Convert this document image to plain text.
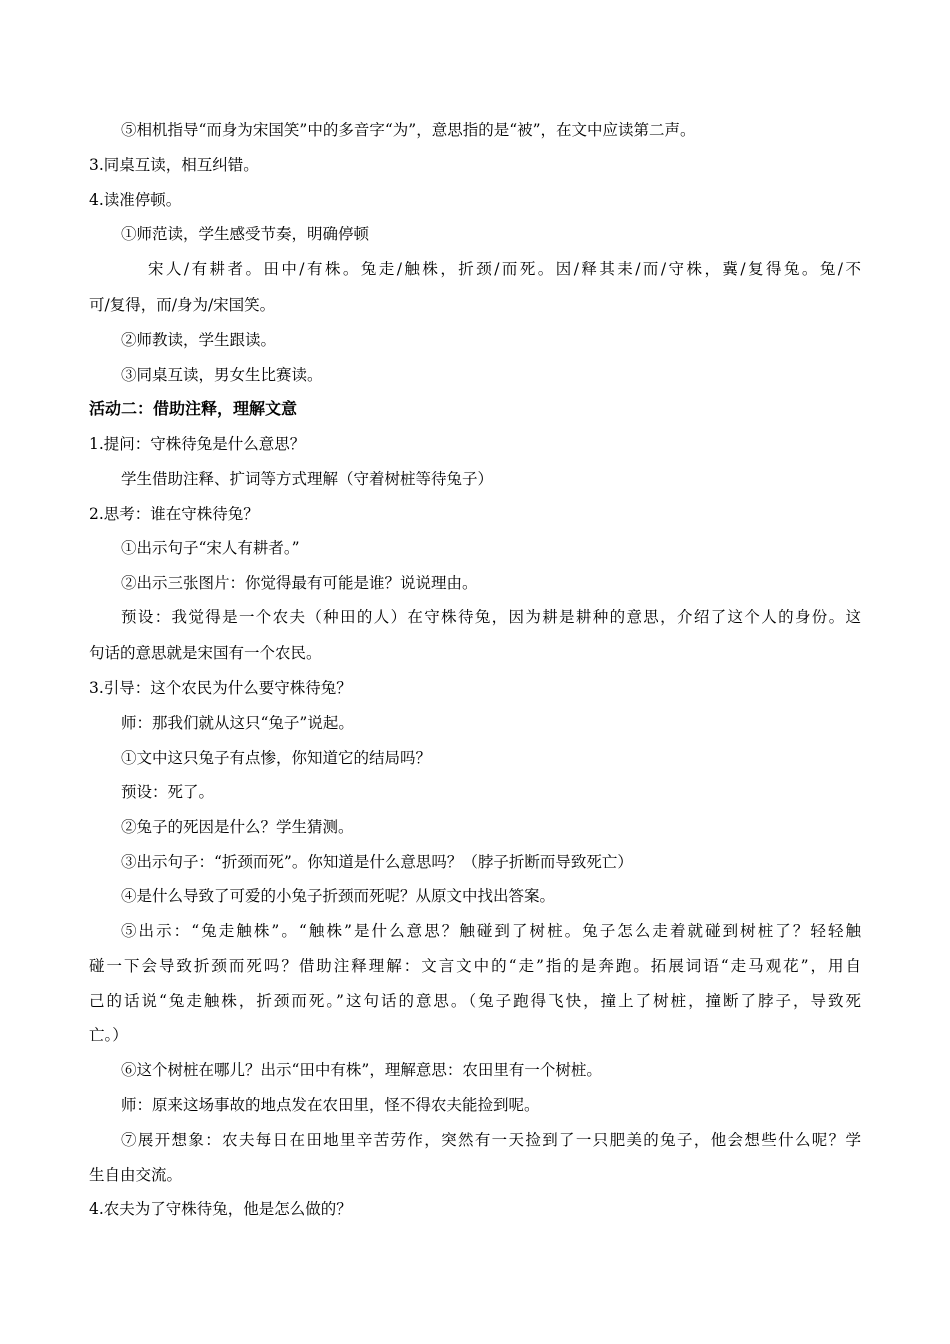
⑤相机指导“而身为宋国笑”中的多音字“为”，意思指的是“被”，在文中应读第二声。
3.同桌互读，相互纠错。
4.读准停顿。
①师范读，学生感受节奏，明确停顿
宋人/有耕者。田中/有株。兔走/触株，折颈/而死。因/释其耒/而/守株，冀/复得兔。兔/不
可/复得，而/身为/宋国笑。
②师教读，学生跟读。
③同桌互读，男女生比赛读。
活动二：借助注释，理解文意
1.提问：守株待兔是什么意思？
学生借助注释、扩词等方式理解（守着树桩等待兔子）
2.思考：谁在守株待兔？
①出示句子“宋人有耕者。”
②出示三张图片：你觉得最有可能是谁？说说理由。
预设：我觉得是一个农夫（种田的人）在守株待兔，因为耕是耕种的意思，介绍了这个人的身份。这
句话的意思就是宋国有一个农民。
3.引导：这个农民为什么要守株待兔？
师：那我们就从这只“兔子”说起。
①文中这只兔子有点惨，你知道它的结局吗？
预设：死了。
②兔子的死因是什么？学生猜测。
③出示句子：“折颈而死”。你知道是什么意思吗？（脖子折断而导致死亡）
④是什么导致了可爱的小兔子折颈而死呢？从原文中找出答案。
⑤出示：“兔走触株”。“触株”是什么意思？触碰到了树桩。兔子怎么走着就碰到树桩了？轻轻触
碰一下会导致折颈而死吗？借助注释理解：文言文中的“走”指的是奔跑。拓展词语“走马观花”，用自
己的话说“兔走触株，折颈而死。”这句话的意思。（兔子跑得飞快，撞上了树桩，撞断了脖子，导致死
亡。）
⑥这个树桩在哪儿？出示“田中有株”，理解意思：农田里有一个树桩。
师：原来这场事故的地点发在农田里，怪不得农夫能捡到呢。
⑦展开想象：农夫每日在田地里辛苦劳作，突然有一天捡到了一只肥美的兔子，他会想些什么呢？学
生自由交流。
4.农夫为了守株待兔，他是怎么做的？
